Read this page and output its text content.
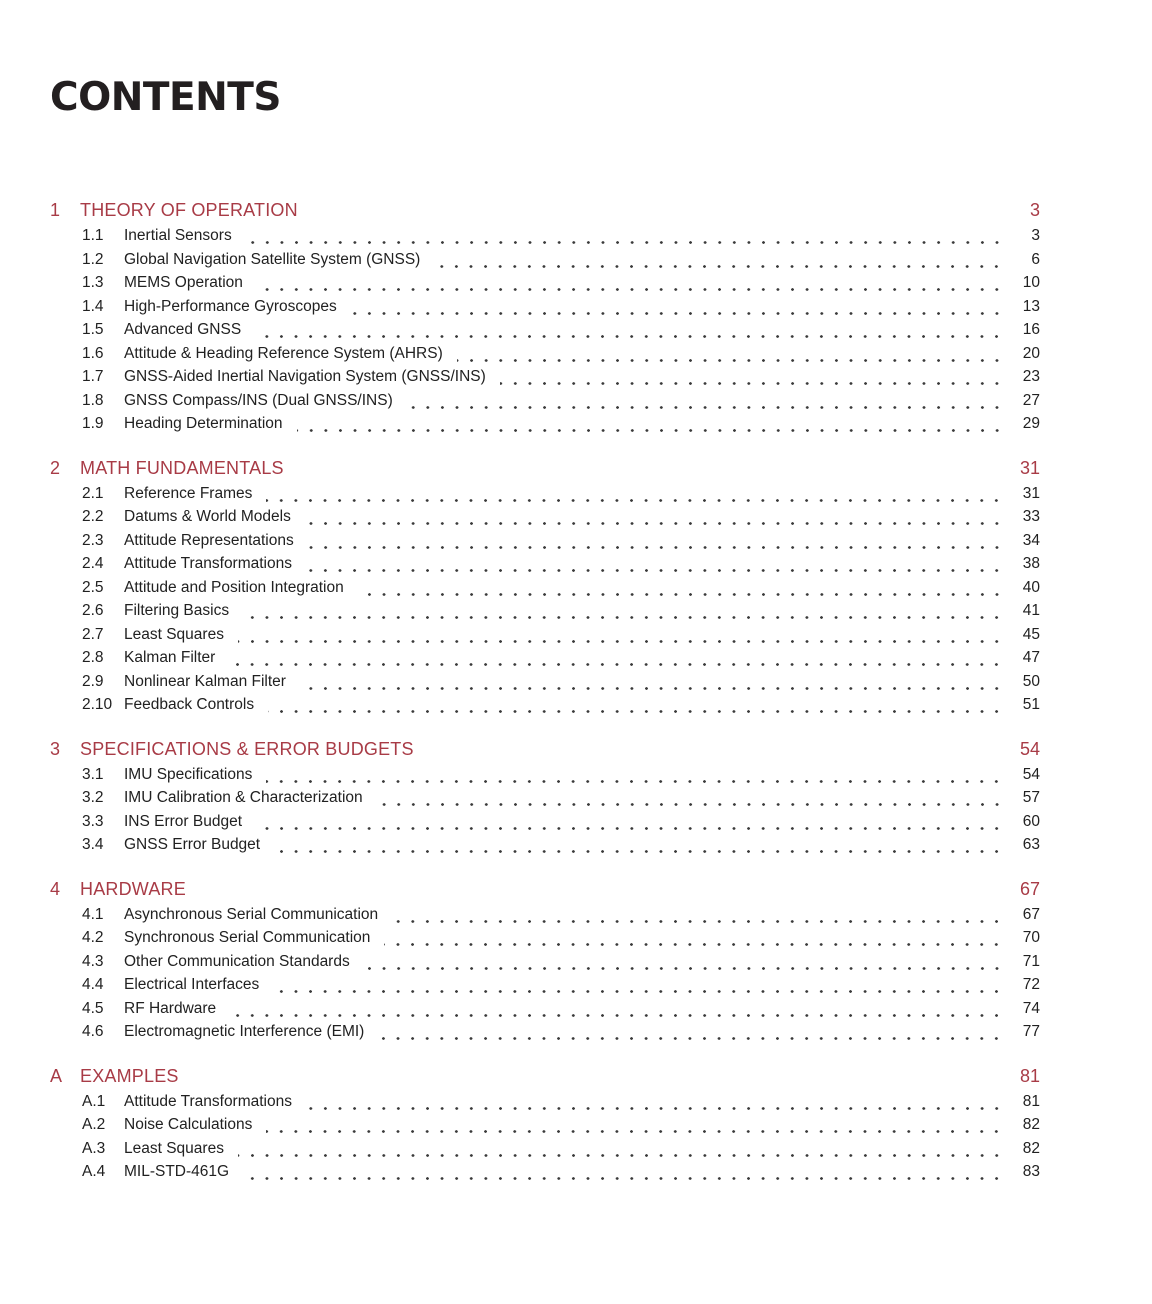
CONTENTS
1	THEORY OF OPERATION	3
1.1	Inertial Sensors	3
1.2	Global Navigation Satellite System (GNSS)	6
1.3	MEMS Operation	10
1.4	High-Performance Gyroscopes	13
1.5	Advanced GNSS	16
1.6	Attitude & Heading Reference System (AHRS)	20
1.7	GNSS-Aided Inertial Navigation System (GNSS/INS)	23
1.8	GNSS Compass/INS (Dual GNSS/INS)	27
1.9	Heading Determination	29
2	MATH FUNDAMENTALS	31
2.1	Reference Frames	31
2.2	Datums & World Models	33
2.3	Attitude Representations	34
2.4	Attitude Transformations	38
2.5	Attitude and Position Integration	40
2.6	Filtering Basics	41
2.7	Least Squares	45
2.8	Kalman Filter	47
2.9	Nonlinear Kalman Filter	50
2.10 Feedback Controls	51
3	SPECIFICATIONS & ERROR BUDGETS	54
3.1	IMU Specifications	54
3.2	IMU Calibration & Characterization	57
3.3	INS Error Budget	60
3.4	GNSS Error Budget	63
4	HARDWARE	67
4.1	Asynchronous Serial Communication	67
4.2	Synchronous Serial Communication	70
4.3	Other Communication Standards	71
4.4	Electrical Interfaces	72
4.5	RF Hardware	74
4.6	Electromagnetic Interference (EMI)	77
A EXAMPLES	81
A.1	Attitude Transformations	81
A.2	Noise Calculations	82
A.3	Least Squares	82
A.4	MIL-STD-461G	83
